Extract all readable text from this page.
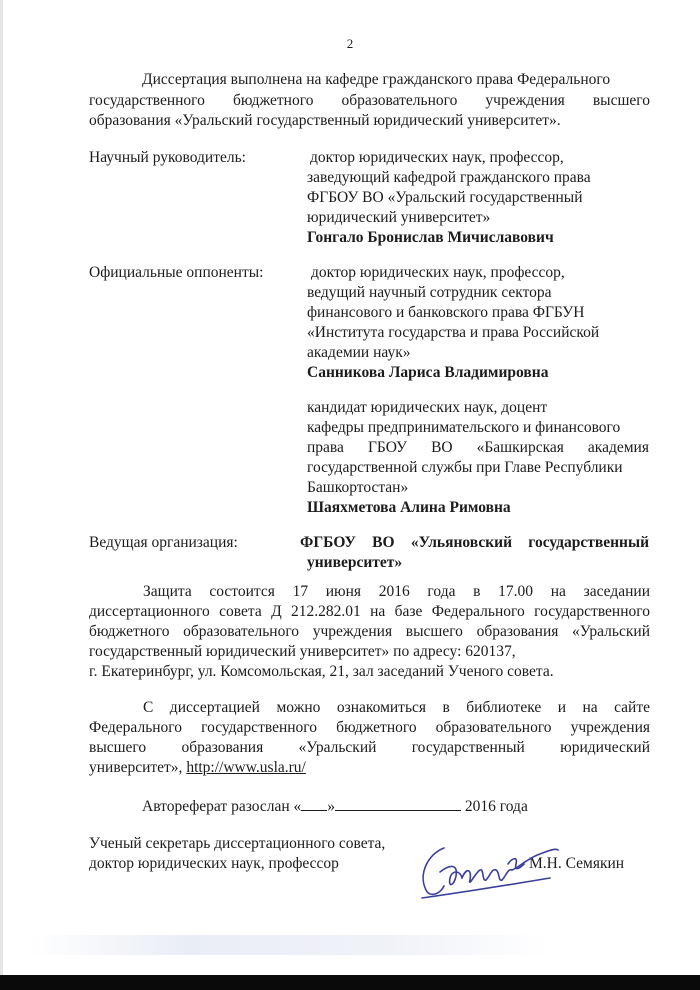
2
Диссертация выполнена на кафедре гражданского права Федерального
государственного бюджетного образовательного учреждения высшего
образования «Уральский государственный юридический университет».
Научный руководитель:	доктор юридических наук, профессор,
заведующий кафедрой гражданского права
ФГБОУ ВО «Уральский государственный
юридический университет»
Гонгало Бронислав Мичиславович
Официальные оппоненты:	доктор юридических наук, профессор,
ведущий научный сотрудник сектора
финансового и банковского права ФГБУН
«Института государства и права Российской
академии наук»
Санникова Лариса Владимировна
кандидат юридических наук, доцент
кафедры предпринимательского и финансового
права ГБОУ ВО «Башкирская академия
государственной службы при Главе Республики
Башкортостан»
Шаяхметова Алина Римовна
Ведущая организация:	ФГБОУ ВО «Ульяновский государственный
университет»
Защита состоится 17 июня 2016 года в 17.00 на заседании
диссертационного совета Д 212.282.01 на базе Федерального государственного
бюджетного образовательного учреждения высшего образования «Уральский
государственный юридический университет» по адресу: 620137,
г. Екатеринбург, ул. Комсомольская, 21, зал заседаний Ученого совета.
С диссертацией можно ознакомиться в библиотеке и на сайте
Федерального государственного бюджетного образовательного учреждения
высшего образования «Уральский государственный юридический
университет», http://www.usla.ru/
Автореферат разослан « »	2016 года
Ученый секретарь диссертационного совета,
доктор юридических наук, профессор	М.Н. Семякин
